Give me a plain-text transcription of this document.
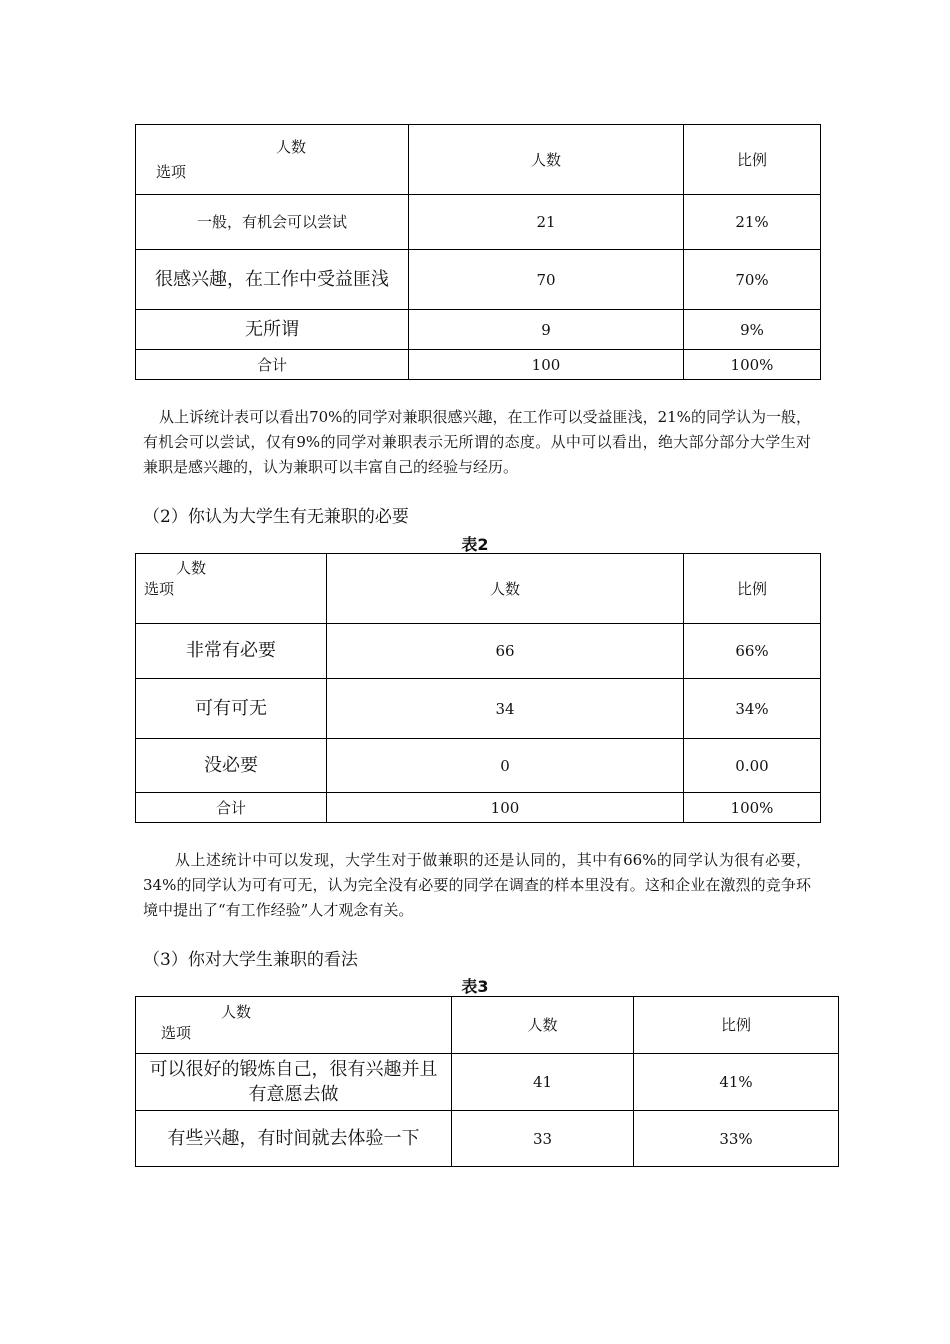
人数
选项	人数	比例
一般，有机会可以尝试	21	21%
很感兴趣，在工作中受益匪浅	70	70%
无所谓	9	9%
合计	100	100%

从上诉统计表可以看出70%的同学对兼职很感兴趣，在工作可以受益匪浅，21%的同学认为一般，有机会可以尝试，仅有9%的同学对兼职表示无所谓的态度。从中可以看出，绝大部分部分大学生对兼职是感兴趣的，认为兼职可以丰富自己的经验与经历。

（2）你认为大学生有无兼职的必要
表2
人数
选项	人数	比例
非常有必要	66	66%
可有可无	34	34%
没必要	0	0.00
合计	100	100%

从上述统计中可以发现，大学生对于做兼职的还是认同的，其中有66%的同学认为很有必要，34%的同学认为可有可无，认为完全没有必要的同学在调查的样本里没有。这和企业在激烈的竞争环境中提出了“有工作经验”人才观念有关。

（3）你对大学生兼职的看法
表3
人数
选项	人数	比例
可以很好的锻炼自己，很有兴趣并且有意愿去做	41	41%
有些兴趣，有时间就去体验一下	33	33%
